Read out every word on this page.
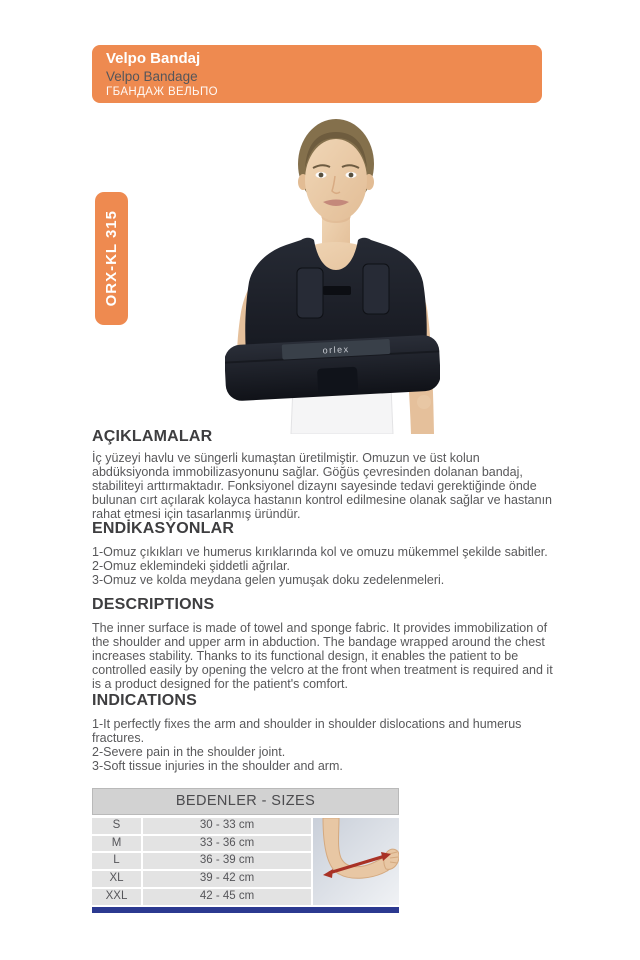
Velpo Bandaj
Velpo Bandage
ГБАНДАЖ ВЕЛЬПО
ORX-KL 315
orlex
AÇIKLAMALAR
İç yüzeyi havlu ve süngerli kumaştan üretilmiştir. Omuzun ve üst kolun abdüksiyonda immobilizasyonunu sağlar. Göğüs çevresinden dolanan bandaj, stabiliteyi arttırmaktadır. Fonksiyonel dizaynı sayesinde tedavi gerektiğinde önde bulunan cırt açılarak kolayca hastanın kontrol edilmesine olanak sağlar ve hastanın rahat etmesi için tasarlanmış üründür.
ENDİKASYONLAR
1-Omuz çıkıkları ve humerus kırıklarında kol ve omuzu mükemmel şekilde sabitler.
2-Omuz eklemindeki şiddetli ağrılar.
3-Omuz ve kolda meydana gelen yumuşak doku zedelenmeleri.
DESCRIPTIONS
The inner surface is made of towel and sponge fabric. It provides immobilization of the shoulder and upper arm in abduction. The bandage wrapped around the chest increases stability. Thanks to its functional design, it enables the patient to be controlled easily by opening the velcro at the front when treatment is required and it is a product designed for the patient's comfort.
INDICATIONS
1-It perfectly fixes the arm and shoulder in shoulder dislocations and humerus fractures.
2-Severe pain in the shoulder joint.
3-Soft tissue injuries in the shoulder and arm.
BEDENLER - SIZES
S	30 - 33 cm
M	33 - 36 cm
L	36 - 39 cm
XL	39 - 42 cm
XXL	42 - 45 cm
